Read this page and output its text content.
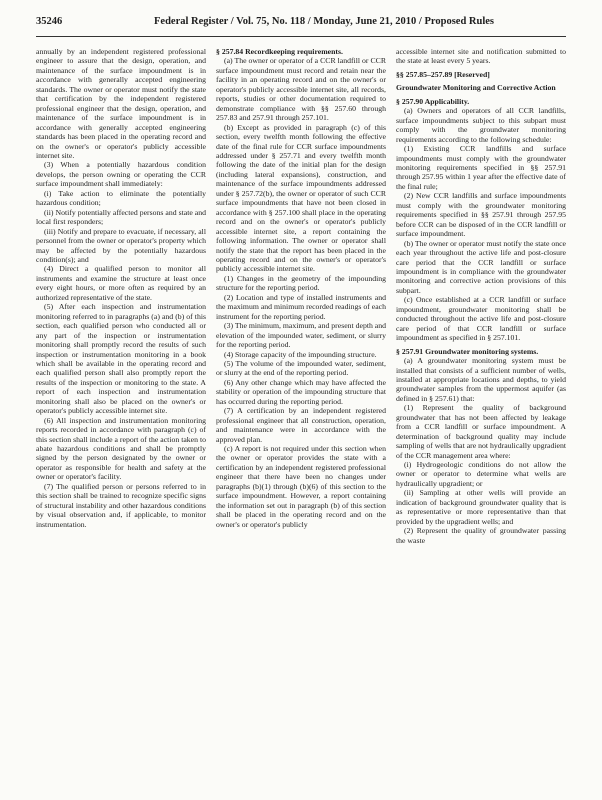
35246	Federal Register / Vol. 75, No. 118 / Monday, June 21, 2010 / Proposed Rules

annually by an independent registered professional engineer to assure that the design, operation, and maintenance of the surface impoundment is in accordance with generally accepted engineering standards. The owner or operator must notify the state that certification by the independent registered professional engineer that the design, operation, and maintenance of the surface impoundment is in accordance with generally accepted engineering standards has been placed in the operating record and on the owner's or operator's publicly accessible internet site.

(3) When a potentially hazardous condition develops, the person owning or operating the CCR surface impoundment shall immediately:

(i) Take action to eliminate the potentially hazardous condition;

(ii) Notify potentially affected persons and state and local first responders;

(iii) Notify and prepare to evacuate, if necessary, all personnel from the owner or operator's property which may be affected by the potentially hazardous condition(s); and

(4) Direct a qualified person to monitor all instruments and examine the structure at least once every eight hours, or more often as required by an authorized representative of the state.

(5) After each inspection and instrumentation monitoring referred to in paragraphs (a) and (b) of this section, each qualified person who conducted all or any part of the inspection or instrumentation monitoring shall promptly record the results of such inspection or instrumentation monitoring in a book which shall be available in the operating record and each qualified person shall also promptly report the results of the inspection or monitoring to the state. A report of each inspection and instrumentation monitoring shall also be placed on the owner's or operator's publicly accessible internet site.

(6) All inspection and instrumentation monitoring reports recorded in accordance with paragraph (c) of this section shall include a report of the action taken to abate hazardous conditions and shall be promptly signed by the person designated by the owner or operator as responsible for health and safety at the owner or operator's facility.

(7) The qualified person or persons referred to in this section shall be trained to recognize specific signs of structural instability and other hazardous conditions by visual observation and, if applicable, to monitor instrumentation.

§ 257.84 Recordkeeping requirements.

(a) The owner or operator of a CCR landfill or CCR surface impoundment must record and retain near the facility in an operating record and on the owner's or operator's publicly accessible internet site, all records, reports, studies or other documentation required to demonstrate compliance with §§ 257.60 through 257.83 and 257.91 through 257.101.

(b) Except as provided in paragraph (c) of this section, every twelfth month following the effective date of the final rule for CCR surface impoundments addressed under § 257.71 and every twelfth month following the date of the initial plan for the design (including lateral expansions), construction, and maintenance of the surface impoundments addressed under § 257.72(b), the owner or operator of such CCR surface impoundments that have not been closed in accordance with § 257.100 shall place in the operating record and on the owner's or operator's publicly accessible internet site, a report containing the following information. The owner or operator shall notify the state that the report has been placed in the operating record and on the owner's or operator's publicly accessible internet site.

(1) Changes in the geometry of the impounding structure for the reporting period.

(2) Location and type of installed instruments and the maximum and minimum recorded readings of each instrument for the reporting period.

(3) The minimum, maximum, and present depth and elevation of the impounded water, sediment, or slurry for the reporting period.

(4) Storage capacity of the impounding structure.

(5) The volume of the impounded water, sediment, or slurry at the end of the reporting period.

(6) Any other change which may have affected the stability or operation of the impounding structure that has occurred during the reporting period.

(7) A certification by an independent registered professional engineer that all construction, operation, and maintenance were in accordance with the approved plan.

(c) A report is not required under this section when the owner or operator provides the state with a certification by an independent registered professional engineer that there have been no changes under paragraphs (b)(1) through (b)(6) of this section to the surface impoundment. However, a report containing the information set out in paragraph (b) of this section shall be placed in the operating record and on the owner's or operator's publicly

accessible internet site and notification submitted to the state at least every 5 years.

§§ 257.85–257.89 [Reserved]
Groundwater Monitoring and Corrective Action
§ 257.90 Applicability.

(a) Owners and operators of all CCR landfills, surface impoundments subject to this subpart must comply with the groundwater monitoring requirements according to the following schedule:

(1) Existing CCR landfills and surface impoundments must comply with the groundwater monitoring requirements specified in §§ 257.91 through 257.95 within 1 year after the effective date of the final rule;

(2) New CCR landfills and surface impoundments must comply with the groundwater monitoring requirements specified in §§ 257.91 through 257.95 before CCR can be disposed of in the CCR landfill or surface impoundment.

(b) The owner or operator must notify the state once each year throughout the active life and post-closure care period that the CCR landfill or surface impoundment is in compliance with the groundwater monitoring and corrective action provisions of this subpart.

(c) Once established at a CCR landfill or surface impoundment, groundwater monitoring shall be conducted throughout the active life and post-closure care period of that CCR landfill or surface impoundment as specified in § 257.101.

§ 257.91 Groundwater monitoring systems.

(a) A groundwater monitoring system must be installed that consists of a sufficient number of wells, installed at appropriate locations and depths, to yield groundwater samples from the uppermost aquifer (as defined in § 257.61) that:

(1) Represent the quality of background groundwater that has not been affected by leakage from a CCR landfill or surface impoundment. A determination of background quality may include sampling of wells that are not hydraulically upgradient of the CCR management area where:

(i) Hydrogeologic conditions do not allow the owner or operator to determine what wells are hydraulically upgradient; or

(ii) Sampling at other wells will provide an indication of background groundwater quality that is as representative or more representative than that provided by the upgradient wells; and

(2) Represent the quality of groundwater passing the waste
